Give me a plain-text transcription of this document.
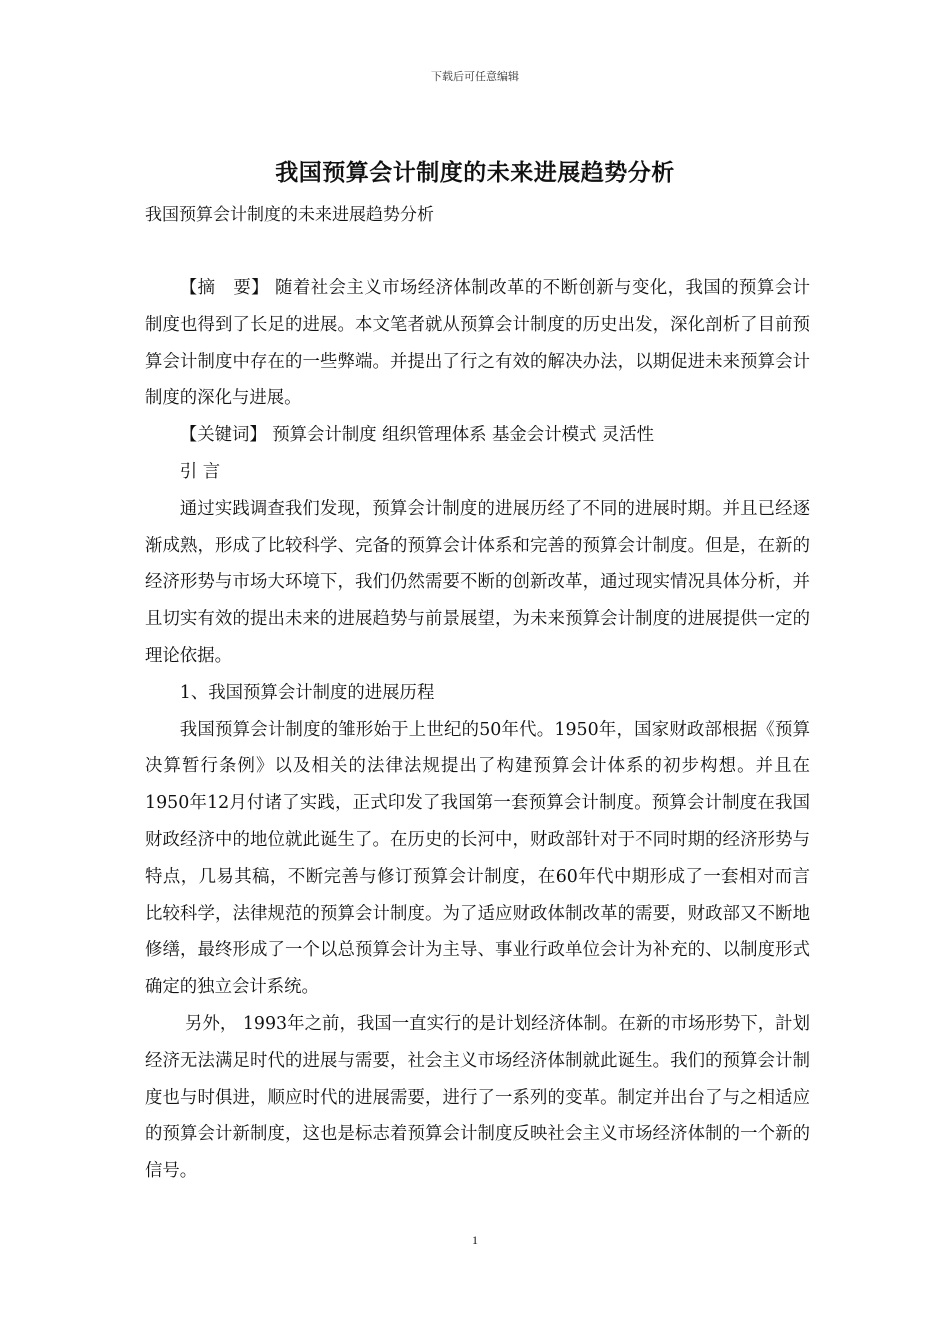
下载后可任意编辑
我国预算会计制度的未来进展趋势分析
我国预算会计制度的未来进展趋势分析

【摘　要】 随着社会主义市场经济体制改革的不断创新与变化，我国的预算会计制度也得到了长足的进展。本文笔者就从预算会计制度的历史出发，深化剖析了目前预算会计制度中存在的一些弊端。并提出了行之有效的解决办法，以期促进未来预算会计制度的深化与进展。

【关键词】 预算会计制度 组织管理体系 基金会计模式 灵活性

引 言

通过实践调查我们发现，预算会计制度的进展历经了不同的进展时期。并且已经逐渐成熟，形成了比较科学、完备的预算会计体系和完善的预算会计制度。但是，在新的经济形势与市场大环境下，我们仍然需要不断的创新改革，通过现实情况具体分析，并且切实有效的提出未来的进展趋势与前景展望，为未来预算会计制度的进展提供一定的理论依据。

1、我国预算会计制度的进展历程

我国预算会计制度的雏形始于上世纪的50年代。1950年，国家财政部根据《预算决算暂行条例》以及相关的法律法规提出了构建预算会计体系的初步构想。并且在1950年12月付诸了实践，正式印发了我国第一套预算会计制度。预算会计制度在我国财政经济中的地位就此诞生了。在历史的长河中，财政部针对于不同时期的经济形势与特点，几易其稿，不断完善与修订预算会计制度，在60年代中期形成了一套相对而言比较科学，法律规范的预算会计制度。为了适应财政体制改革的需要，财政部又不断地修缮，最终形成了一个以总预算会计为主导、事业行政单位会计为补充的、以制度形式确定的独立会计系统。

另外， 1993年之前，我国一直实行的是计划经济体制。在新的市场形势下，計划经济无法满足时代的进展与需要，社会主义市场经济体制就此诞生。我们的预算会计制度也与时俱进，顺应时代的进展需要，进行了一系列的变革。制定并出台了与之相适应的预算会计新制度，这也是标志着预算会计制度反映社会主义市场经济体制的一个新的信号。

1
